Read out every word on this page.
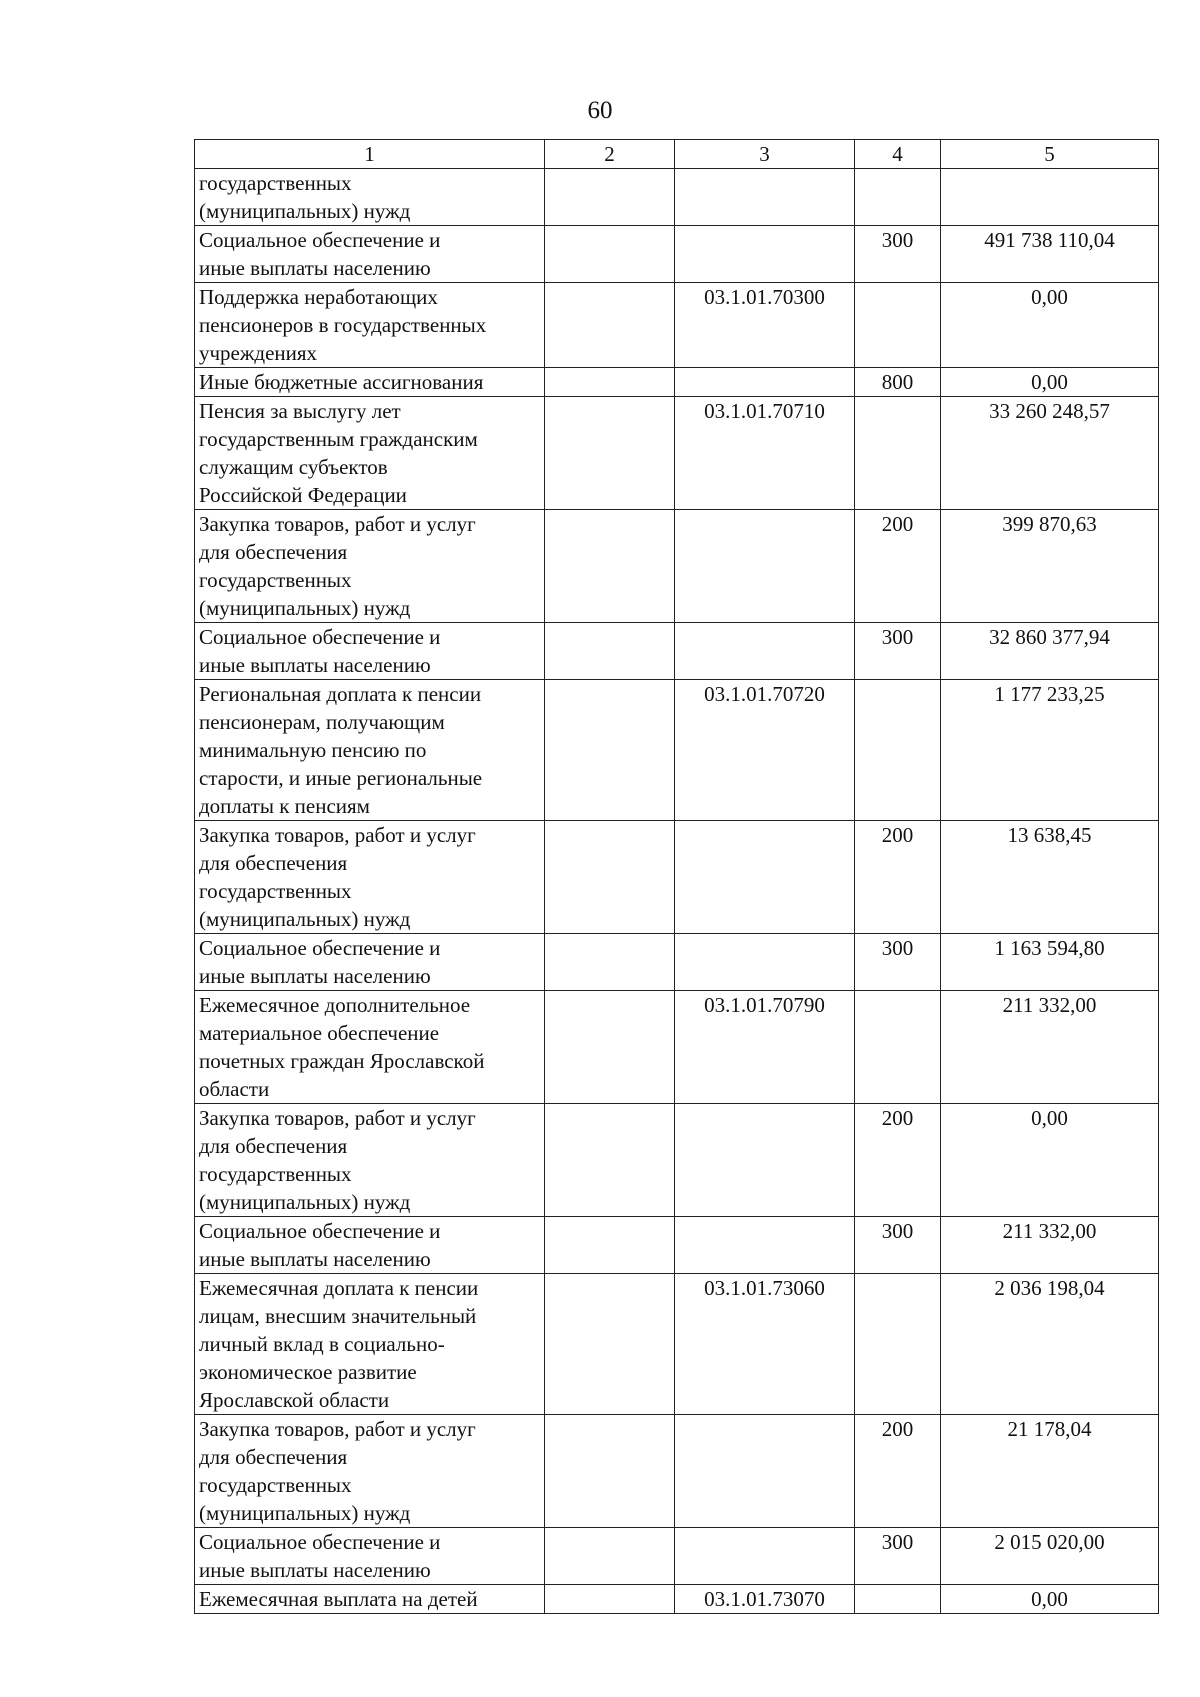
60
1	2	3	4	5

государственных
(муниципальных) нужд				

Социальное обеспечение и
иные выплаты населению			300	491 738 110,04

Поддержка неработающих
пенсионеров в государственных
учреждениях		03.1.01.70300		0,00

Иные бюджетные ассигнования			800	0,00

Пенсия за выслугу лет
государственным гражданским
служащим субъектов
Российской Федерации		03.1.01.70710		33 260 248,57

Закупка товаров, работ и услуг
для обеспечения
государственных
(муниципальных) нужд			200	399 870,63

Социальное обеспечение и
иные выплаты населению			300	32 860 377,94

Региональная доплата к пенсии
пенсионерам, получающим
минимальную пенсию по
старости, и иные региональные
доплаты к пенсиям		03.1.01.70720		1 177 233,25

Закупка товаров, работ и услуг
для обеспечения
государственных
(муниципальных) нужд			200	13 638,45

Социальное обеспечение и
иные выплаты населению			300	1 163 594,80

Ежемесячное дополнительное
материальное обеспечение
почетных граждан Ярославской
области		03.1.01.70790		211 332,00

Закупка товаров, работ и услуг
для обеспечения
государственных
(муниципальных) нужд			200	0,00

Социальное обеспечение и
иные выплаты населению			300	211 332,00

Ежемесячная доплата к пенсии
лицам, внесшим значительный
личный вклад в социально-
экономическое развитие
Ярославской области		03.1.01.73060		2 036 198,04

Закупка товаров, работ и услуг
для обеспечения
государственных
(муниципальных) нужд			200	21 178,04

Социальное обеспечение и
иные выплаты населению			300	2 015 020,00

Ежемесячная выплата на детей		03.1.01.73070		0,00
